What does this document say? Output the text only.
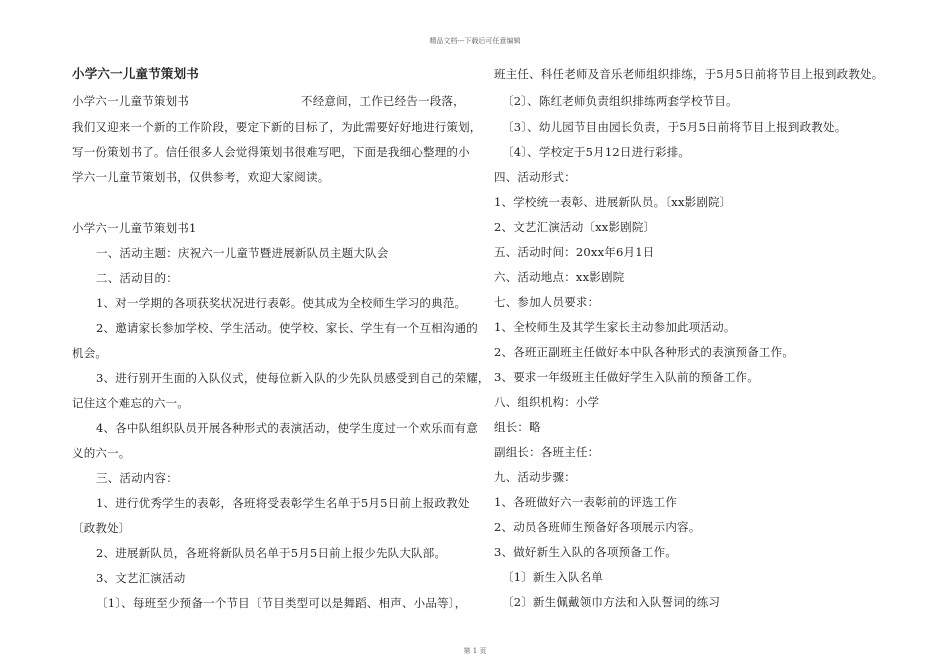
精品文档---下载后可任意编辑
小学六一儿童节策划书
小学六一儿童节策划书	不经意间，工作已经告一段落，
我们又迎来一个新的工作阶段，要定下新的目标了，为此需要好好地进行策划，
写一份策划书了。信任很多人会觉得策划书很难写吧，下面是我细心整理的小
学六一儿童节策划书，仅供参考，欢迎大家阅读。
小学六一儿童节策划书1
一、活动主题：庆祝六一儿童节暨进展新队员主题大队会
二、活动目的：
1、对一学期的各项获奖状况进行表彰。使其成为全校师生学习的典范。
2、邀请家长参加学校、学生活动。使学校、家长、学生有一个互相沟通的
机会。
3、进行别开生面的入队仪式，使每位新入队的少先队员感受到自己的荣耀，
记住这个难忘的六一。
4、各中队组织队员开展各种形式的表演活动，使学生度过一个欢乐而有意
义的六一。
三、活动内容：
1、进行优秀学生的表彰，各班将受表彰学生名单于5月5日前上报政教处
〔政教处〕
2、进展新队员，各班将新队员名单于5月5日前上报少先队大队部。
3、文艺汇演活动
〔1〕、每班至少预备一个节目〔节目类型可以是舞蹈、相声、小品等〕，
班主任、科任老师及音乐老师组织排练，于5月5日前将节目上报到政教处。
〔2〕、陈红老师负责组织排练两套学校节目。
〔3〕、幼儿园节目由园长负责，于5月5日前将节目上报到政教处。
〔4〕、学校定于5月12日进行彩排。
四、活动形式：
1、学校统一表彰、进展新队员。〔xx影剧院〕
2、文艺汇演活动〔xx影剧院〕
五、活动时间：20xx年6月1日
六、活动地点：xx影剧院
七、参加人员要求：
1、全校师生及其学生家长主动参加此项活动。
2、各班正副班主任做好本中队各种形式的表演预备工作。
3、要求一年级班主任做好学生入队前的预备工作。
八、组织机构：小学
组长：略
副组长：各班主任：
九、活动步骤：
1、各班做好六一表彰前的评选工作
2、动员各班师生预备好各项展示内容。
3、做好新生入队的各项预备工作。
〔1〕新生入队名单
〔2〕新生佩戴领巾方法和入队誓词的练习
第 1 页
